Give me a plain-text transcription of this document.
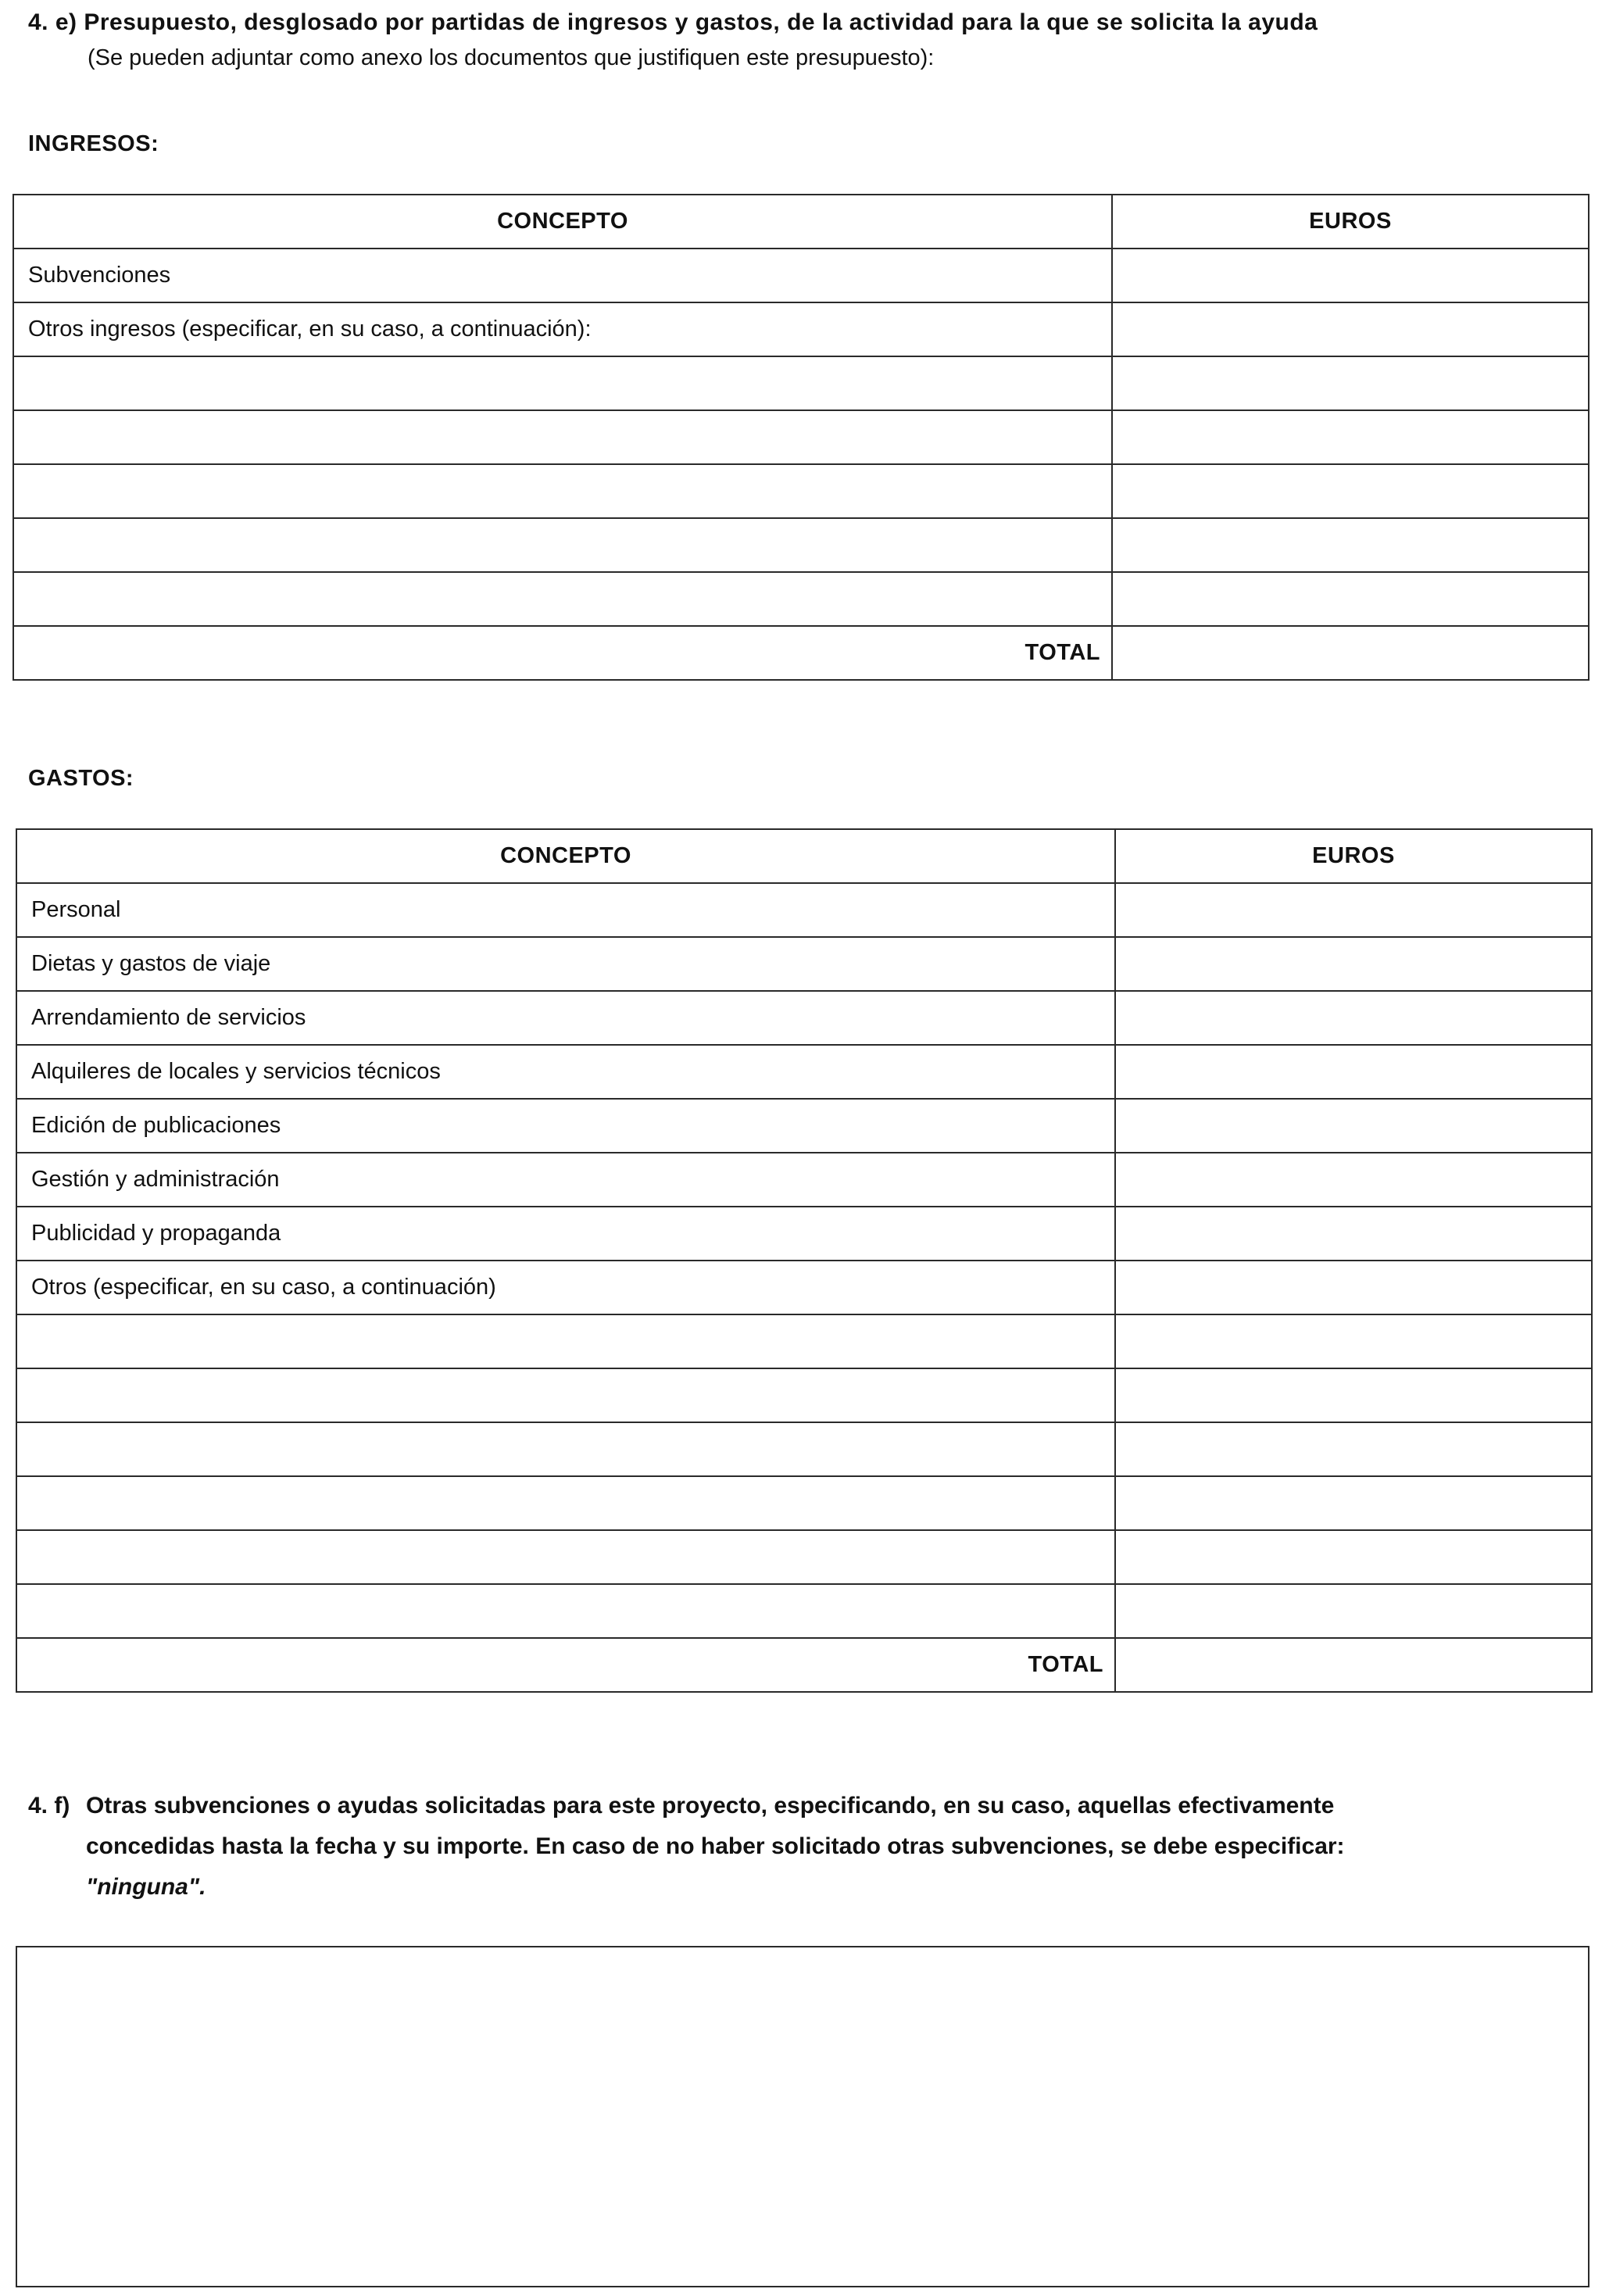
4. e) Presupuesto, desglosado por partidas de ingresos y gastos, de la actividad para la que se solicita la ayuda
(Se pueden adjuntar como anexo los documentos que justifiquen este presupuesto):
INGRESOS:
CONCEPTO	EUROS
Subvenciones	
Otros ingresos (especificar, en su caso, a continuación):	

TOTAL	
GASTOS:
CONCEPTO	EUROS
Personal	
Dietas y gastos de viaje	
Arrendamiento de servicios	
Alquileres de locales y servicios técnicos	
Edición de publicaciones	
Gestión y administración	
Publicidad y propaganda	
Otros (especificar, en su caso, a continuación)	

TOTAL	
4. f) Otras subvenciones o ayudas solicitadas para este proyecto, especificando, en su caso, aquellas efectivamente
concedidas hasta la fecha y su importe. En caso de no haber solicitado otras subvenciones, se debe especificar:
"ninguna".
